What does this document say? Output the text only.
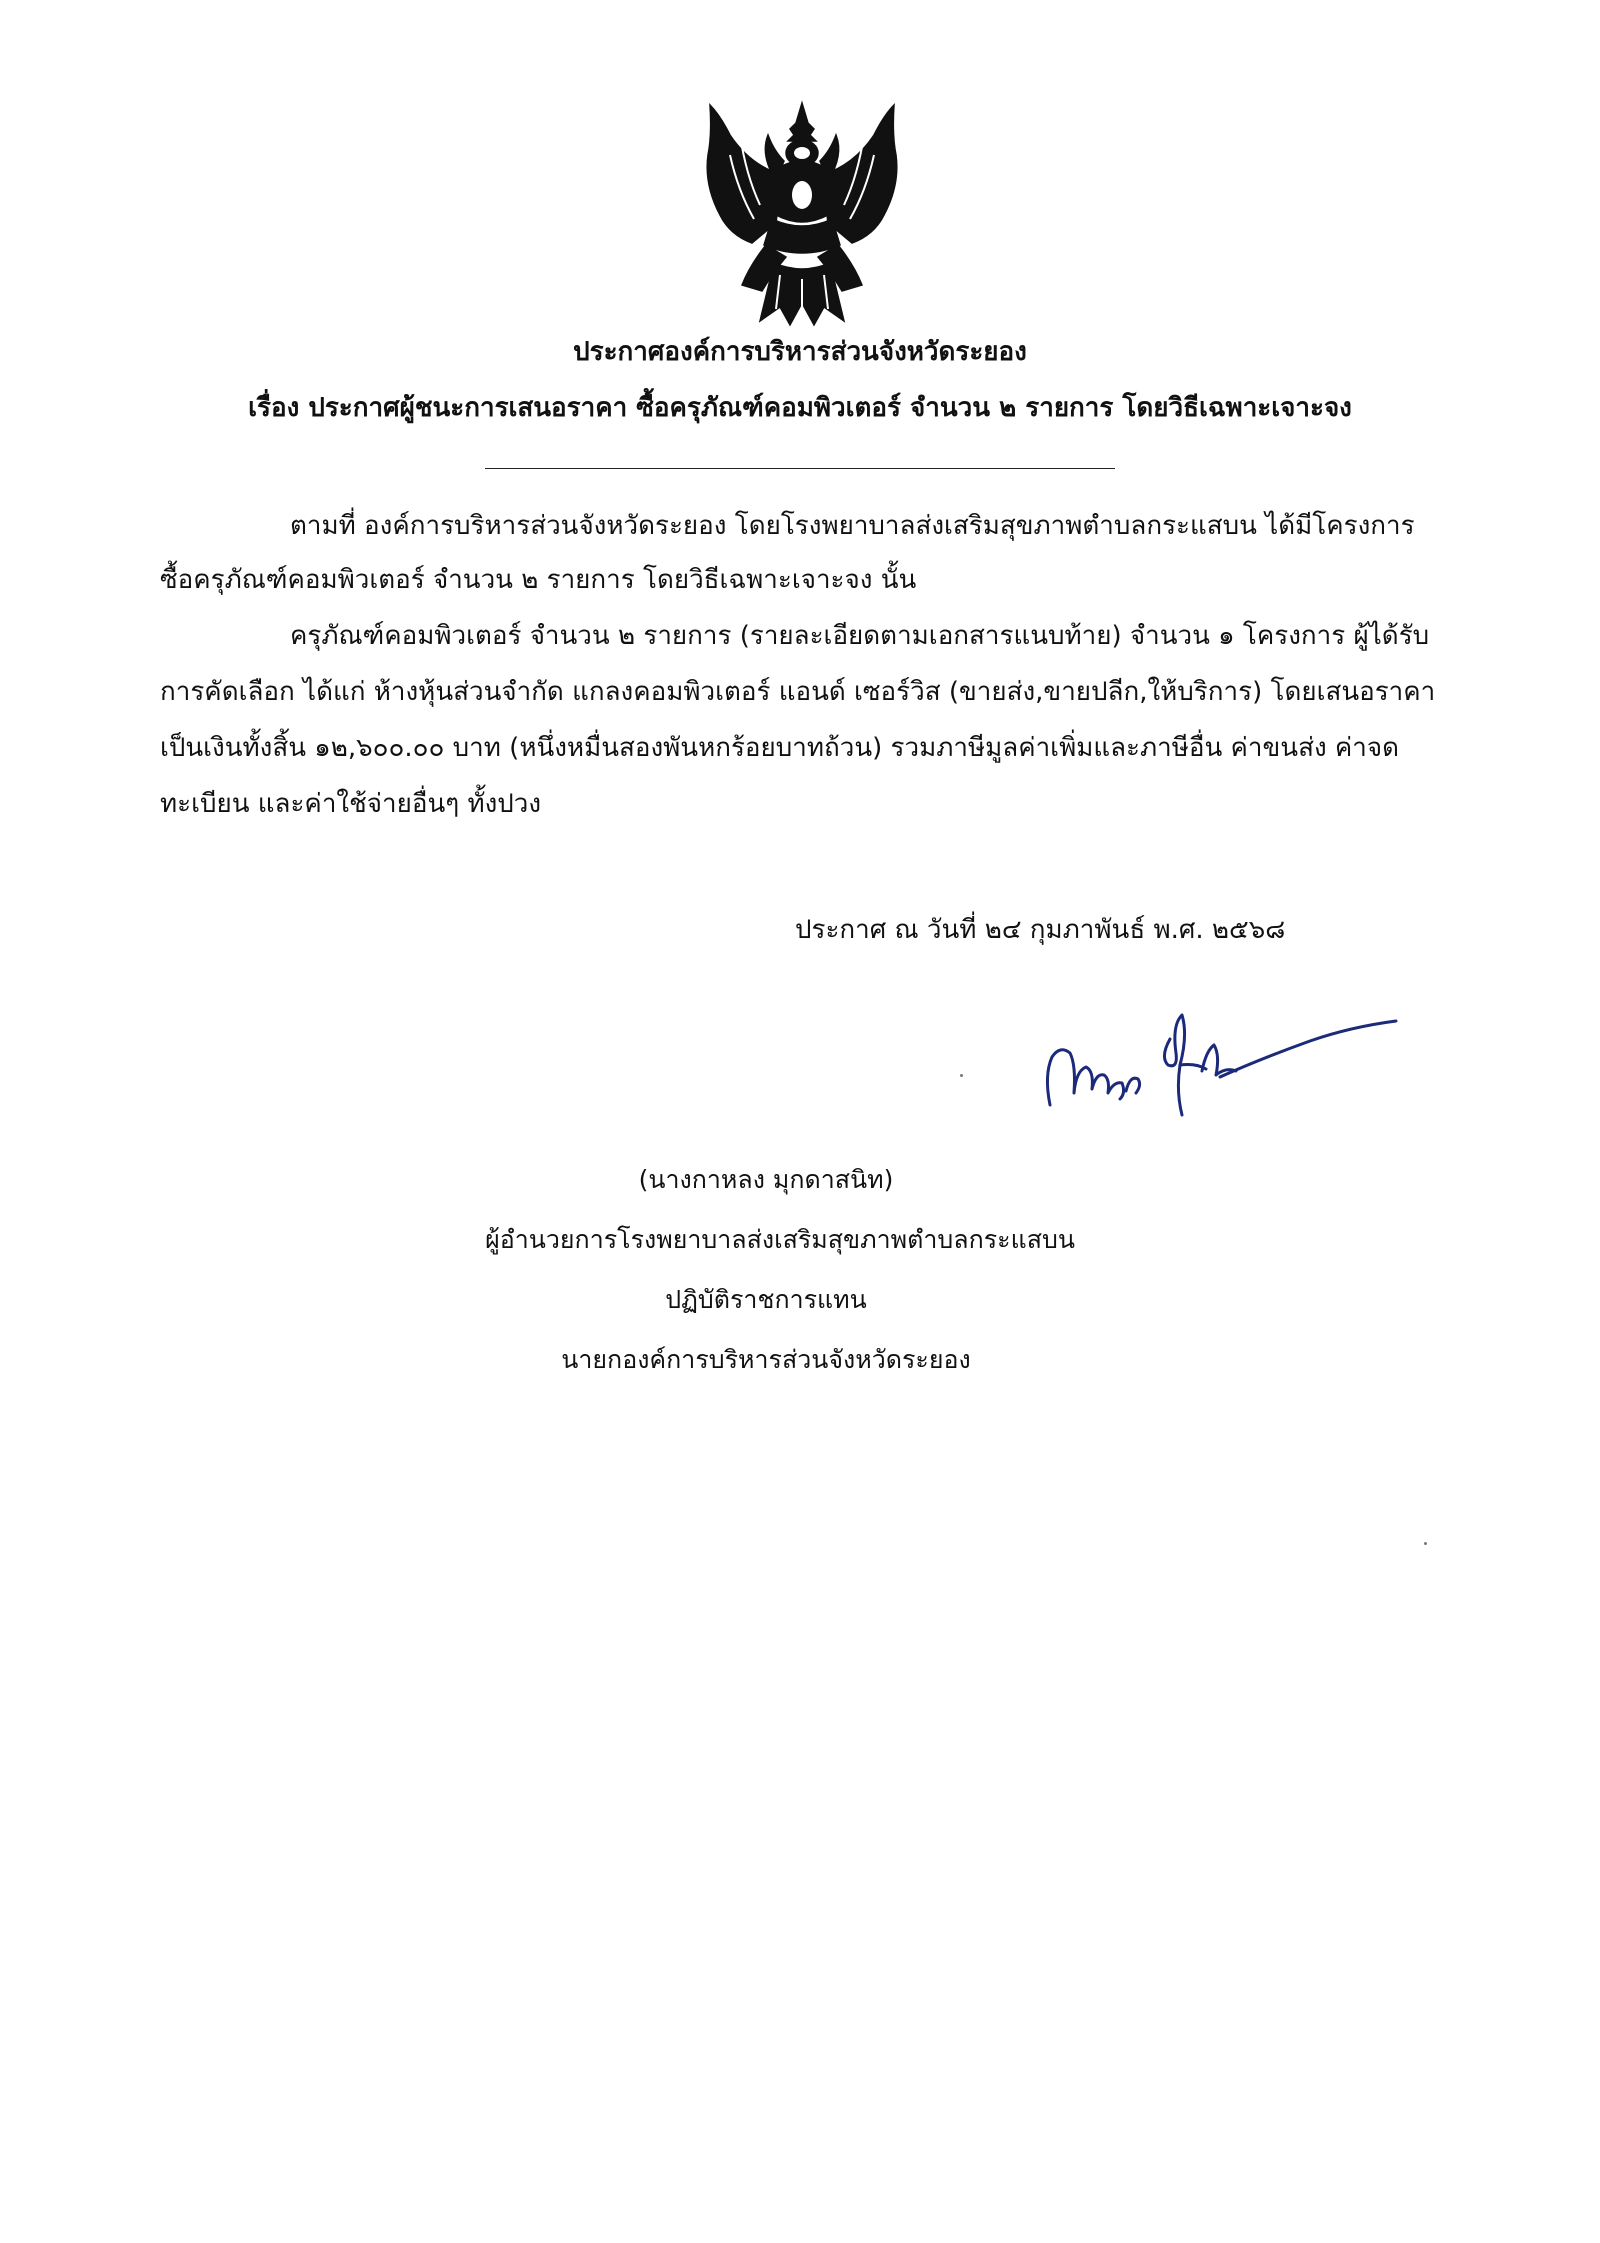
ประกาศองค์การบริหารส่วนจังหวัดระยอง
เรื่อง ประกาศผู้ชนะการเสนอราคา ซื้อครุภัณฑ์คอมพิวเตอร์ จำนวน ๒ รายการ โดยวิธีเฉพาะเจาะจง
ตามที่ องค์การบริหารส่วนจังหวัดระยอง โดยโรงพยาบาลส่งเสริมสุขภาพตำบลกระแสบน ได้มีโครงการ
ซื้อครุภัณฑ์คอมพิวเตอร์ จำนวน ๒ รายการ โดยวิธีเฉพาะเจาะจง นั้น
ครุภัณฑ์คอมพิวเตอร์ จำนวน ๒ รายการ (รายละเอียดตามเอกสารแนบท้าย) จำนวน ๑ โครงการ ผู้ได้รับ
การคัดเลือก ได้แก่ ห้างหุ้นส่วนจำกัด แกลงคอมพิวเตอร์ แอนด์ เซอร์วิส (ขายส่ง,ขายปลีก,ให้บริการ) โดยเสนอราคา
เป็นเงินทั้งสิ้น ๑๒,๖๐๐.๐๐ บาท (หนึ่งหมื่นสองพันหกร้อยบาทถ้วน) รวมภาษีมูลค่าเพิ่มและภาษีอื่น ค่าขนส่ง ค่าจด
ทะเบียน และค่าใช้จ่ายอื่นๆ ทั้งปวง
ประกาศ ณ วันที่ ๒๔ กุมภาพันธ์ พ.ศ. ๒๕๖๘
(นางกาหลง มุกดาสนิท)
ผู้อำนวยการโรงพยาบาลส่งเสริมสุขภาพตำบลกระแสบน
ปฏิบัติราชการแทน
นายกองค์การบริหารส่วนจังหวัดระยอง
